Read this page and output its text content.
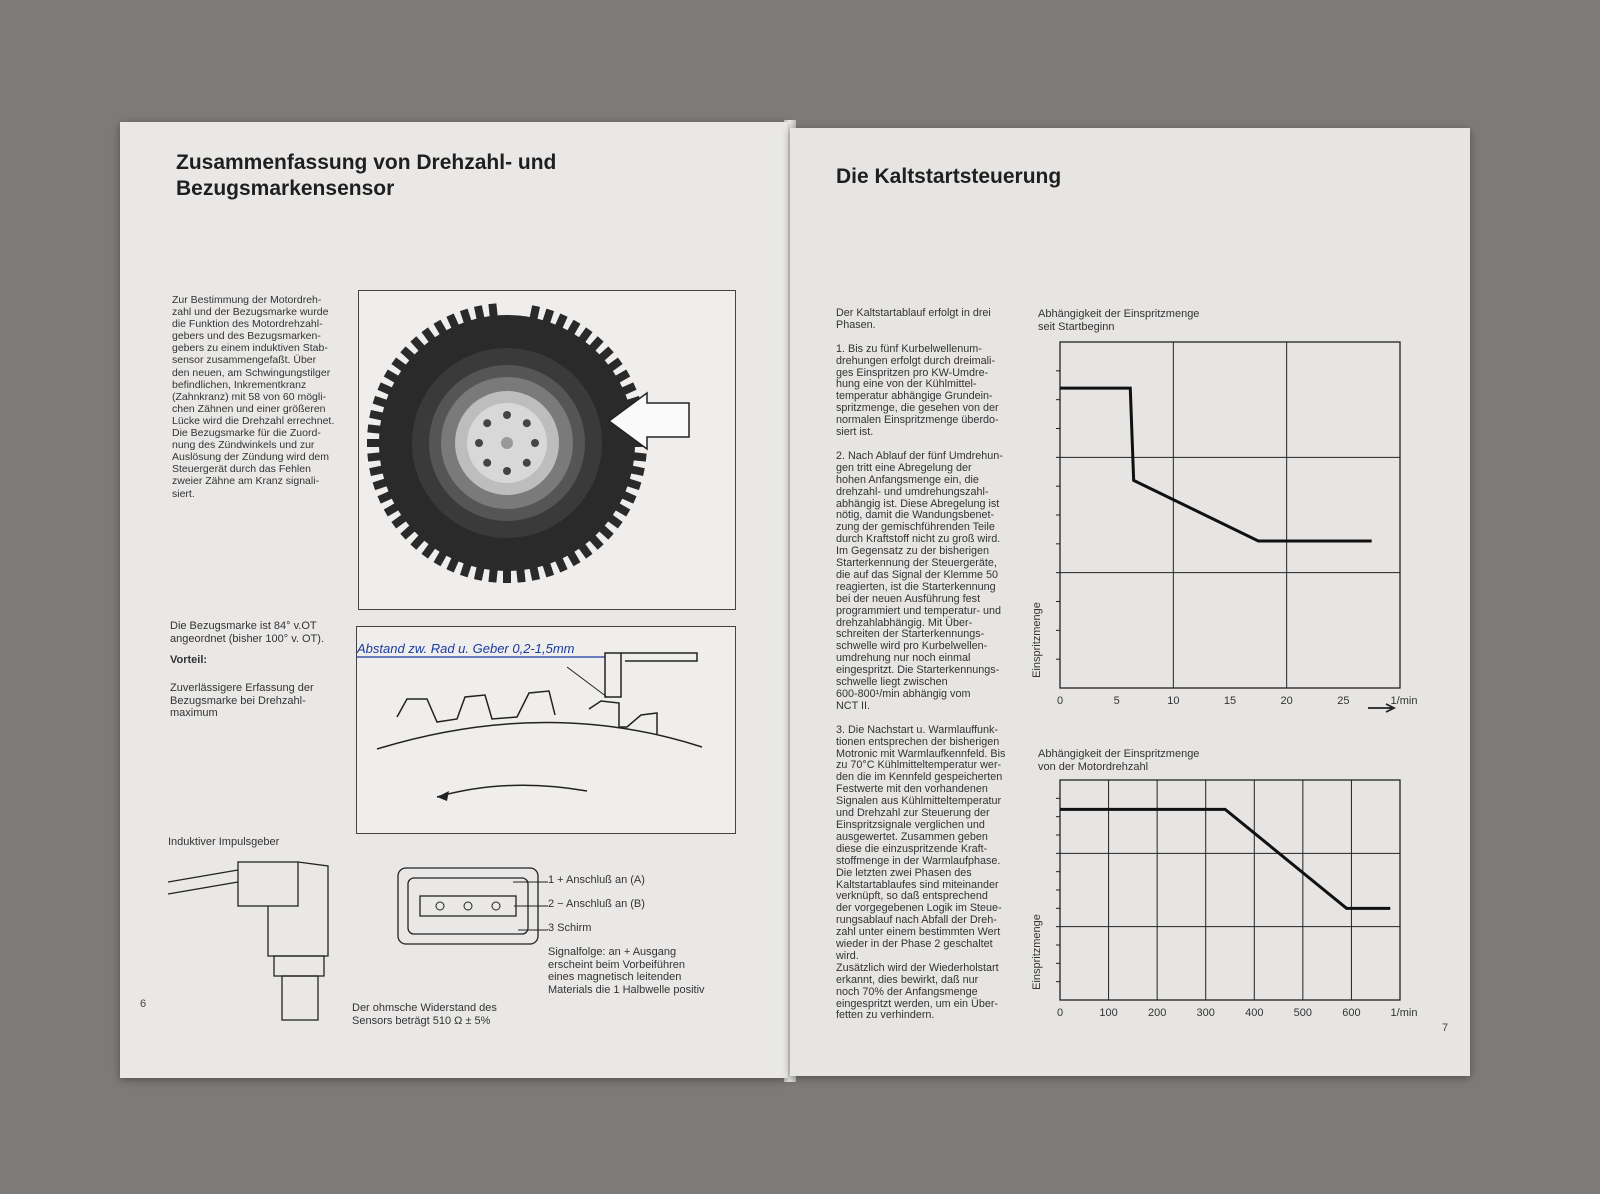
Zusammenfassung von Drehzahl- und
Bezugsmarkensensor
Zur Bestimmung der Motordreh-
zahl und der Bezugsmarke wurde
die Funktion des Motordrehzahl-
gebers und des Bezugsmarken-
gebers zu einem induktiven Stab-
sensor zusammengefaßt. Über
den neuen, am Schwingungstilger
befindlichen, Inkrementkranz
(Zahnkranz) mit 58 von 60 mögli-
chen Zähnen und einer größeren
Lücke wird die Drehzahl errechnet.
Die Bezugsmarke für die Zuord-
nung des Zündwinkels und zur
Auslösung der Zündung wird dem
Steuergerät durch das Fehlen
zweier Zähne am Kranz signali-
siert.
Die Bezugsmarke ist 84° v.OT
angeordnet (bisher 100° v. OT).
Vorteil:
Zuverlässigere Erfassung der
Bezugsmarke bei Drehzahl-
maximum
Abstand zw. Rad u. Geber 0,2-1,5mm
Induktiver Impulsgeber
1 + Anschluß an (A)
2 − Anschluß an (B)
3 Schirm
Signalfolge: an + Ausgang
erscheint beim Vorbeiführen
eines magnetisch leitenden
Materials die 1 Halbwelle positiv
Der ohmsche Widerstand des
Sensors beträgt 510 Ω ± 5%
6
Die Kaltstartsteuerung
Der Kaltstartablauf erfolgt in drei
Phasen.

1. Bis zu fünf Kurbelwellenum-
drehungen erfolgt durch dreimali-
ges Einspritzen pro KW-Umdre-
hung eine von der Kühlmittel-
temperatur abhängige Grundein-
spritzmenge, die gesehen von der
normalen Einspritzmenge überdo-
siert ist.

2. Nach Ablauf der fünf Umdrehun-
gen tritt eine Abregelung der
hohen Anfangsmenge ein, die
drehzahl- und umdrehungszahl-
abhängig ist. Diese Abregelung ist
nötig, damit die Wandungsbenet-
zung der gemischführenden Teile
durch Kraftstoff nicht zu groß wird.
Im Gegensatz zu der bisherigen
Starterkennung der Steuergeräte,
die auf das Signal der Klemme 50
reagierten, ist die Starterkennung
bei der neuen Ausführung fest
programmiert und temperatur- und
drehzahlabhängig. Mit Über-
schreiten der Starterkennungs-
schwelle wird pro Kurbelwellen-
umdrehung nur noch einmal
eingespritzt. Die Starterkennungs-
schwelle liegt zwischen
600-800¹/min abhängig vom
NCT II.

3. Die Nachstart u. Warmlauffunk-
tionen entsprechen der bisherigen
Motronic mit Warmlaufkennfeld. Bis
zu 70°C Kühlmitteltemperatur wer-
den die im Kennfeld gespeicherten
Festwerte mit den vorhandenen
Signalen aus Kühlmitteltemperatur
und Drehzahl zur Steuerung der
Einspritzsignale verglichen und
ausgewertet. Zusammen geben
diese die einzuspritzende Kraft-
stoffmenge in der Warmlaufphase.
Die letzten zwei Phasen des
Kaltstartablaufes sind miteinander
verknüpft, so daß entsprechend
der vorgegebenen Logik im Steue-
rungsablauf nach Abfall der Dreh-
zahl unter einem bestimmten Wert
wieder in der Phase 2 geschaltet
wird.
Zusätzlich wird der Wiederholstart
erkannt, dies bewirkt, daß nur
noch 70% der Anfangsmenge
eingespritzt werden, um ein Über-
fetten zu verhindern.
Abhängigkeit der Einspritzmenge
seit Startbeginn
0	5	10	15	20	25	1/min
Einspritzmenge
Abhängigkeit der Einspritzmenge
von der Motordrehzahl
0	100	200	300	400	500	600	1/min
Einspritzmenge
7
